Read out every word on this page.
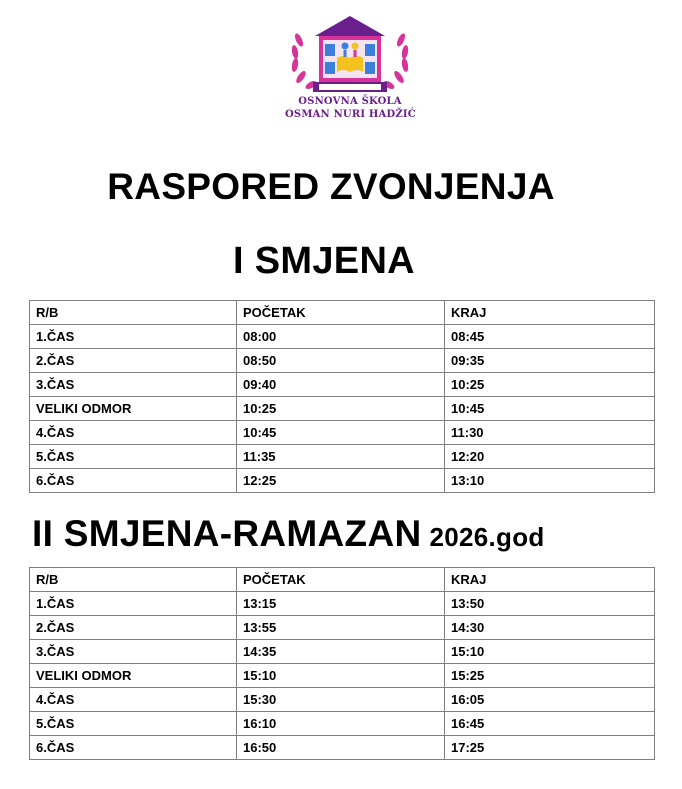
OSNOVNA ŠKOLA
OSMAN NURI HADŽIĆ
RASPORED ZVONJENJA
I SMJENA
R/B	POČETAK	KRAJ
1.ČAS	08:00	08:45
2.ČAS	08:50	09:35
3.ČAS	09:40	10:25
VELIKI ODMOR	10:25	10:45
4.ČAS	10:45	11:30
5.ČAS	11:35	12:20
6.ČAS	12:25	13:10
II SMJENA-RAMAZAN 2026.god
R/B	POČETAK	KRAJ
1.ČAS	13:15	13:50
2.ČAS	13:55	14:30
3.ČAS	14:35	15:10
VELIKI ODMOR	15:10	15:25
4.ČAS	15:30	16:05
5.ČAS	16:10	16:45
6.ČAS	16:50	17:25
